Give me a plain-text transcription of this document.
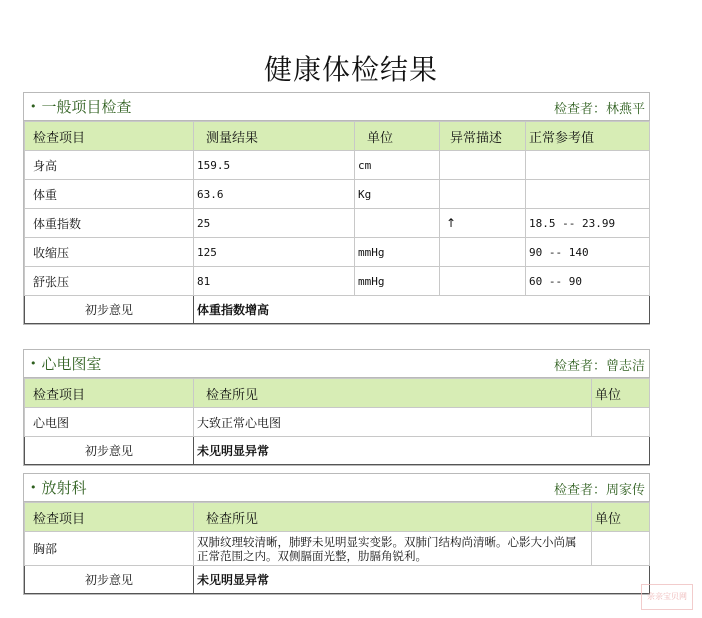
健康体检结果
• 一般项目检查	检查者：林燕平
检查项目	测量结果	单位	异常描述	正常参考值
身高	159.5	cm		
体重	63.6	Kg		
体重指数	25		↑	18.5 -- 23.99
收缩压	125	mmHg		90 -- 140
舒张压	81	mmHg		60 -- 90
初步意见	体重指数增高			
• 心电图室	检查者：曾志洁
检查项目	检查所见	单位
心电图	大致正常心电图	
初步意见	未见明显异常	
• 放射科	检查者：周家传
检查项目	检查所见	单位
胸部	双肺纹理较清晰，肺野未见明显实变影。双肺门结构尚清晰。心影大小尚属正常范围之内。双侧膈面光整，肋膈角锐利。	
初步意见	未见明显异常	
亲亲宝贝网
